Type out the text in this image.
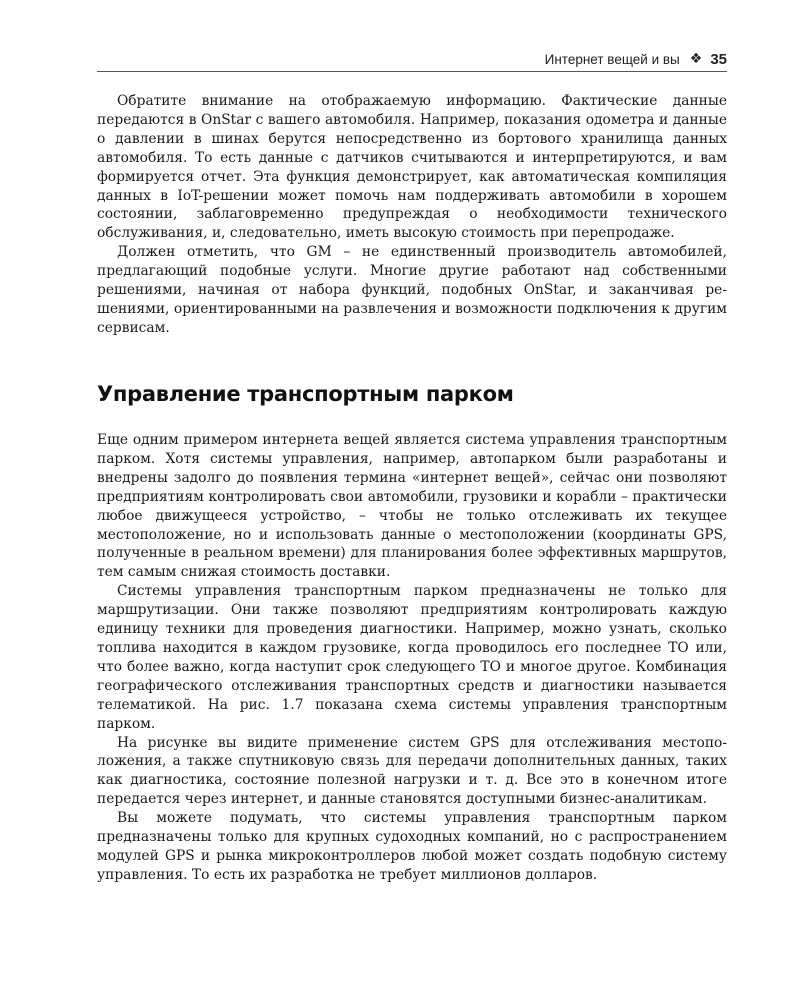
Интернет вещей и вы ❖ 35

Обратите внимание на отображаемую информацию. Фактические данные передаются в OnStar с вашего автомобиля. Например, показания одометра и данные о давлении в шинах берутся непосредственно из бортового хранилища данных автомобиля. То есть данные с датчиков считываются и интерпретируются, и вам формируется отчет. Эта функция демонстрирует, как автоматическая компиляция данных в IoT-решении может помочь нам поддерживать автомобили в хорошем состоянии, заблаговременно предупреждая о необходимости технического обслуживания, и, следовательно, иметь высокую стоимость при перепродаже.

Должен отметить, что GM – не единственный производитель автомобилей, предлагающий подобные услуги. Многие другие работают над собственными решениями, начиная от набора функций, подобных OnStar, и заканчивая решениями, ориентированными на развлечения и возможности подключения к другим сервисам.

Управление транспортным парком

Еще одним примером интернета вещей является система управления транспортным парком. Хотя системы управления, например, автопарком были разработаны и внедрены задолго до появления термина «интернет вещей», сейчас они позволяют предприятиям контролировать свои автомобили, грузовики и корабли – практически любое движущееся устройство, – чтобы не только отслеживать их текущее местоположение, но и использовать данные о местоположении (координаты GPS, полученные в реальном времени) для планирования более эффективных маршрутов, тем самым снижая стоимость доставки.

Системы управления транспортным парком предназначены не только для маршрутизации. Они также позволяют предприятиям контролировать каждую единицу техники для проведения диагностики. Например, можно узнать, сколько топлива находится в каждом грузовике, когда проводилось его последнее ТО или, что более важно, когда наступит срок следующего ТО и многое другое. Комбинация географического отслеживания транспортных средств и диагностики называется телематикой. На рис. 1.7 показана схема системы управления транспортным парком.

На рисунке вы видите применение систем GPS для отслеживания местоположения, а также спутниковую связь для передачи дополнительных данных, таких как диагностика, состояние полезной нагрузки и т. д. Все это в конечном итоге передается через интернет, и данные становятся доступными бизнес-аналитикам.

Вы можете подумать, что системы управления транспортным парком предназначены только для крупных судоходных компаний, но с распространением модулей GPS и рынка микроконтроллеров любой может создать подобную систему управления. То есть их разработка не требует миллионов долларов.
